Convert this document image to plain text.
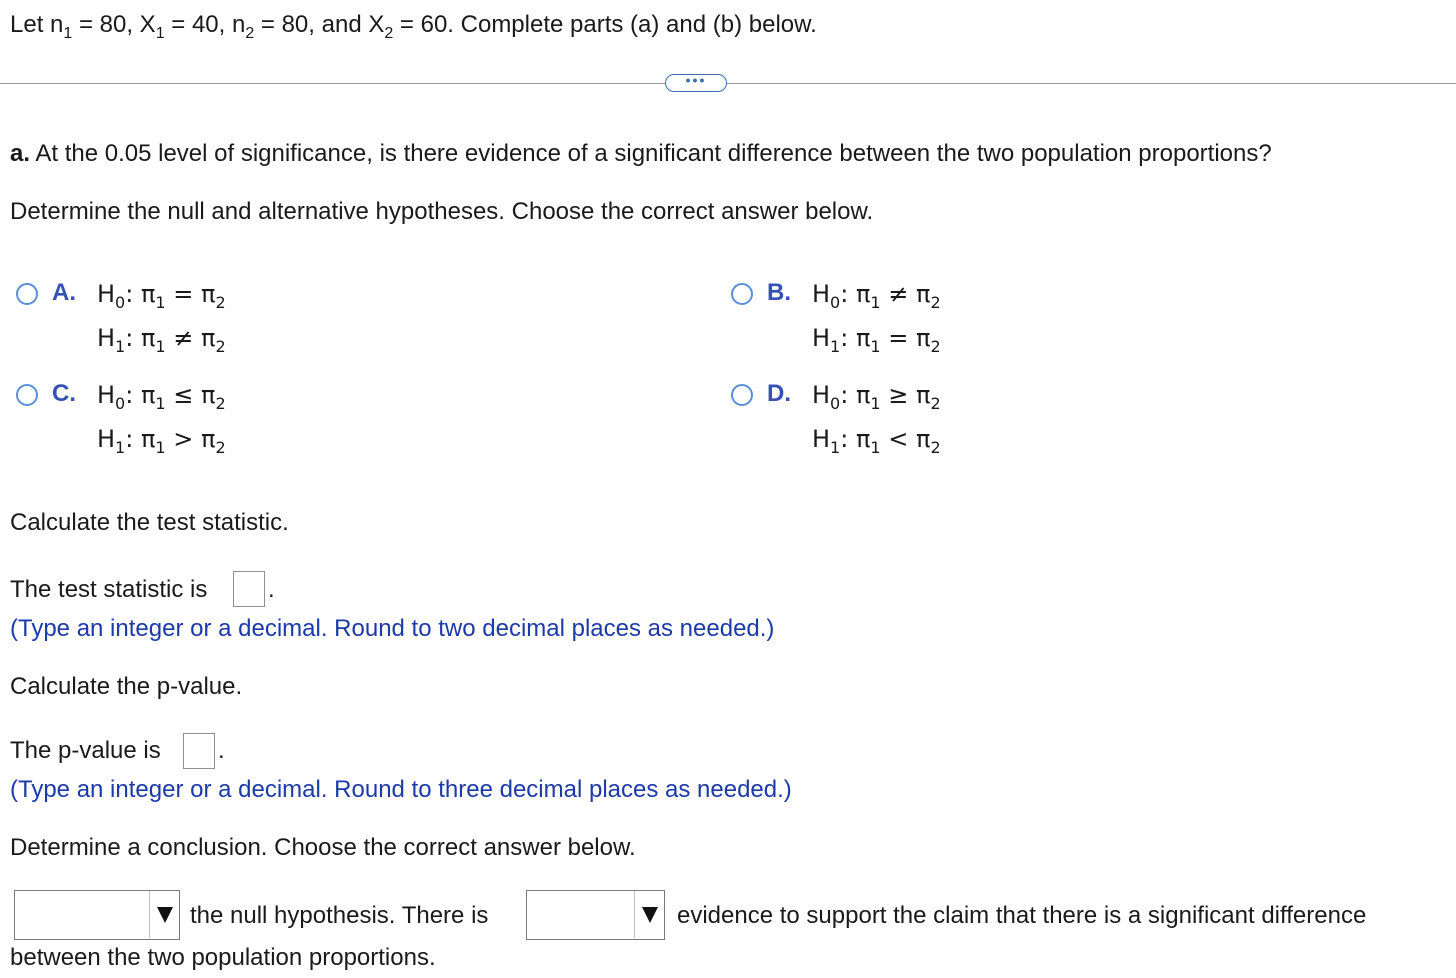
Let $n_1 = 80$, $X_1 = 40$, $n_2 = 80$, and $X_2 = 60$. Complete parts (a) and (b) below.
•••
a. At the 0.05 level of significance, is there evidence of a significant difference between the two population proportions?
Determine the null and alternative hypotheses. Choose the correct answer below.
A. $H_0$: $\pi_1 = \pi_2$
$H_1$: $\pi_1 \ne \pi_2$
B. $H_0$: $\pi_1 \ne \pi_2$
$H_1$: $\pi_1 = \pi_2$
C. $H_0$: $\pi_1 \le \pi_2$
$H_1$: $\pi_1 > \pi_2$
D. $H_0$: $\pi_1 \ge \pi_2$
$H_1$: $\pi_1 < \pi_2$
Calculate the test statistic.
The test statistic is	.
(Type an integer or a decimal. Round to two decimal places as needed.)
Calculate the p-value.
The p-value is .
(Type an integer or a decimal. Round to three decimal places as needed.)
Determine a conclusion. Choose the correct answer below.
the null hypothesis. There is	evidence to support the claim that there is a significant difference
between the two population proportions.
